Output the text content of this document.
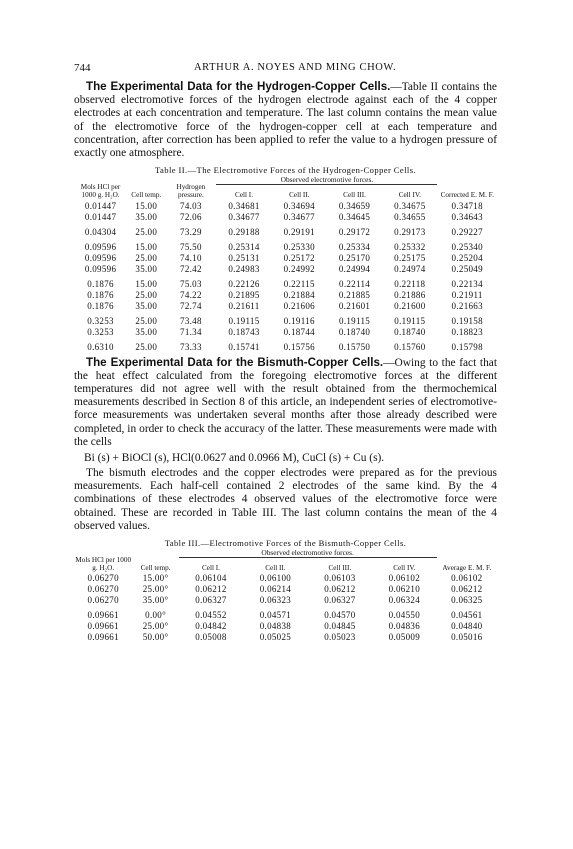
744	ARTHUR A. NOYES AND MING CHOW.

The Experimental Data for the Hydrogen-Copper Cells.—Table II contains the observed electromotive forces of the hydrogen electrode against each of the 4 copper electrodes at each concentration and temperature. The last column contains the mean value of the electromotive force of the hydrogen-copper cell at each temperature and concentration, after correction has been applied to refer the value to a hydrogen pressure of exactly one atmosphere.

Table II.—The Electromotive Forces of the Hydrogen-Copper Cells.
			Observed electromotive forces.				
Mols HCl per 1000 g. H₂O.	Cell temp.	Hydrogen pressure.	Cell I.	Cell II.	Cell III.	Cell IV.	Corrected E. M. F.
0.01447	15.00	74.03	0.34681	0.34694	0.34659	0.34675	0.34718
0.01447	35.00	72.06	0.34677	0.34677	0.34645	0.34655	0.34643
0.04304	25.00	73.29	0.29188	0.29191	0.29172	0.29173	0.29227
0.09596	15.00	75.50	0.25314	0.25330	0.25334	0.25332	0.25340
0.09596	25.00	74.10	0.25131	0.25172	0.25170	0.25175	0.25204
0.09596	35.00	72.42	0.24983	0.24992	0.24994	0.24974	0.25049
0.1876	15.00	75.03	0.22126	0.22115	0.22114	0.22118	0.22134
0.1876	25.00	74.22	0.21895	0.21884	0.21885	0.21886	0.21911
0.1876	35.00	72.74	0.21611	0.21606	0.21601	0.21600	0.21663
0.3253	25.00	73.48	0.19115	0.19116	0.19115	0.19115	0.19158
0.3253	35.00	71.34	0.18743	0.18744	0.18740	0.18740	0.18823
0.6310	25.00	73.33	0.15741	0.15756	0.15750	0.15760	0.15798

The Experimental Data for the Bismuth-Copper Cells.—Owing to the fact that the heat effect calculated from the foregoing electromotive forces at the different temperatures did not agree well with the result obtained from the thermochemical measurements described in Section 8 of this article, an independent series of electromotive-force measurements was undertaken several months after those already described were completed, in order to check the accuracy of the latter. These measurements were made with the cells

Bi (s) + BiOCl (s), HCl(0.0627 and 0.0966 M), CuCl (s) + Cu (s).

The bismuth electrodes and the copper electrodes were prepared as for the previous measurements. Each half-cell contained 2 electrodes of the same kind. By the 4 combinations of these electrodes 4 observed values of the electromotive force were obtained. These are recorded in Table III. The last column contains the mean of the 4 observed values.

Table III.—Electromotive Forces of the Bismuth-Copper Cells.
		Observed electromotive forces.				
Mols HCl per 1000 g. H₂O.	Cell temp.	Cell I.	Cell II.	Cell III.	Cell IV.	Average E. M. F.
0.06270	15.00°	0.06104	0.06100	0.06103	0.06102	0.06102
0.06270	25.00°	0.06212	0.06214	0.06212	0.06210	0.06212
0.06270	35.00°	0.06327	0.06323	0.06327	0.06324	0.06325
0.09661	0.00°	0.04552	0.04571	0.04570	0.04550	0.04561
0.09661	25.00°	0.04842	0.04838	0.04845	0.04836	0.04840
0.09661	50.00°	0.05008	0.05025	0.05023	0.05009	0.05016
